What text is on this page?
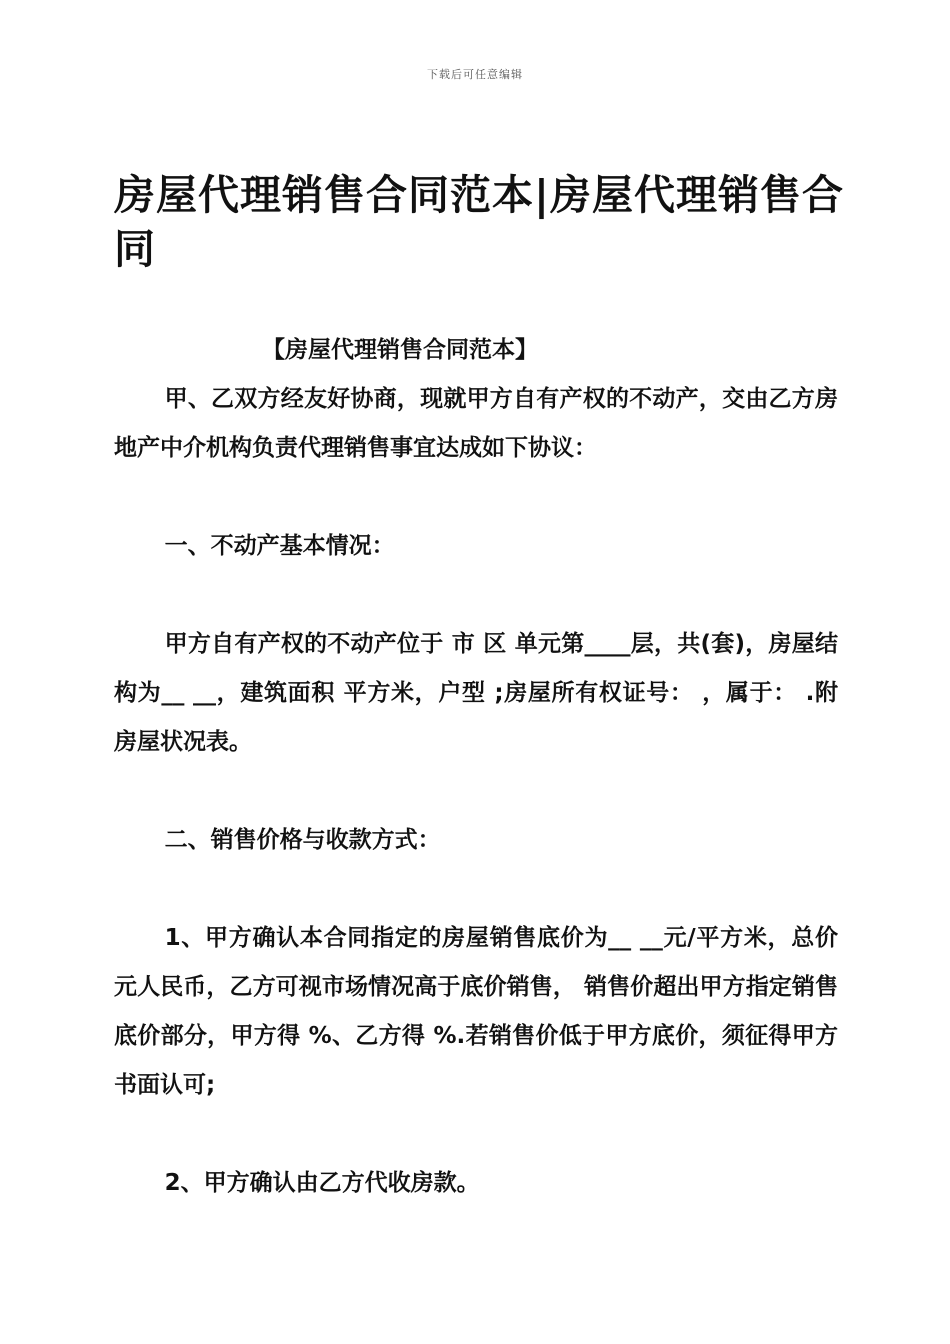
下载后可任意编辑
房屋代理销售合同范本|房屋代理销售合同

【房屋代理销售合同范本】

甲、乙双方经友好协商，现就甲方自有产权的不动产，交由乙方房地产中介机构负责代理销售事宜达成如下协议：

一、不动产基本情况：

甲方自有产权的不动产位于 市 区 单元第____层，共(套)，房屋结构为__ __，建筑面积 平方米，户型 ;房屋所有权证号： ，属于： .附房屋状况表。

二、销售价格与收款方式：

1、甲方确认本合同指定的房屋销售底价为__ __元/平方米，总价 元人民币，乙方可视市场情况高于底价销售， 销售价超出甲方指定销售底价部分，甲方得 %、乙方得 %.若销售价低于甲方底价，须征得甲方书面认可;

2、甲方确认由乙方代收房款。
